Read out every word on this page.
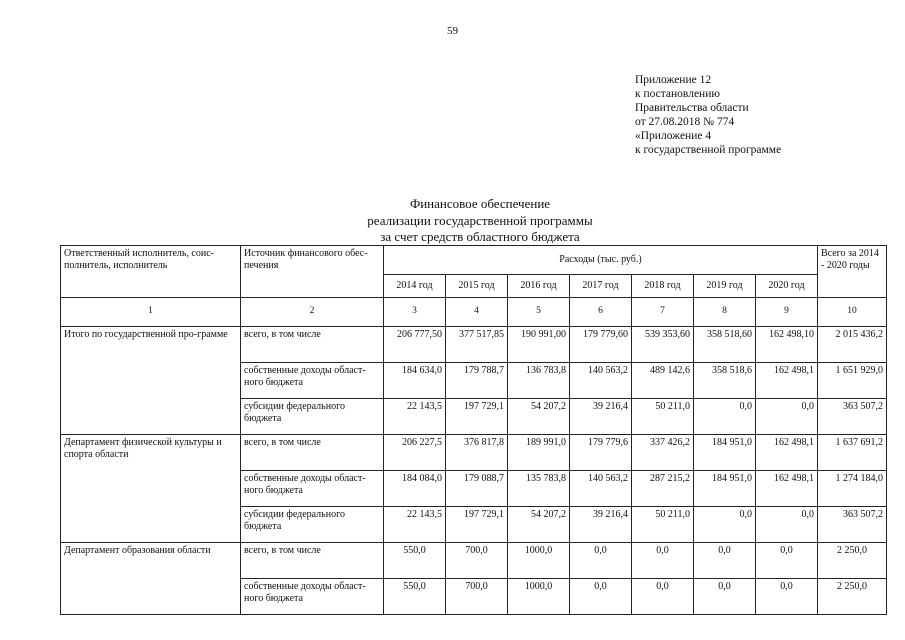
59
Приложение 12
к постановлению
Правительства области
от 27.08.2018 № 774
«Приложение 4
к государственной программе
Финансовое обеспечение
реализации государственной программы
за счет средств областного бюджета
Ответственный исполнитель, соис-полнитель, исполнитель	Источник финансового обес-печения	Расходы (тыс. руб.)							Всего за 2014 - 2020 годы
		2014 год	2015 год	2016 год	2017 год	2018 год	2019 год	2020 год	
1	2	3	4	5	6	7	8	9	10
Итого по государственной про-грамме	всего, в том числе	206 777,50	377 517,85	190 991,00	179 779,60	539 353,60	358 518,60	162 498,10	2 015 436,2
	собственные доходы област-ного бюджета	184 634,0	179 788,7	136 783,8	140 563,2	489 142,6	358 518,6	162 498,1	1 651 929,0
	субсидии федерального бюджета	22 143,5	197 729,1	54 207,2	39 216,4	50 211,0	0,0	0,0	363 507,2
Департамент физической культуры и спорта области	всего, в том числе	206 227,5	376 817,8	189 991,0	179 779,6	337 426,2	184 951,0	162 498,1	1 637 691,2
	собственные доходы област-ного бюджета	184 084,0	179 088,7	135 783,8	140 563,2	287 215,2	184 951,0	162 498,1	1 274 184,0
	субсидии федерального бюджета	22 143,5	197 729,1	54 207,2	39 216,4	50 211,0	0,0	0,0	363 507,2
Департамент образования области	всего, в том числе	550,0	700,0	1000,0	0,0	0,0	0,0	0,0	2 250,0
	собственные доходы област-ного бюджета	550,0	700,0	1000,0	0,0	0,0	0,0	0,0	2 250,0
